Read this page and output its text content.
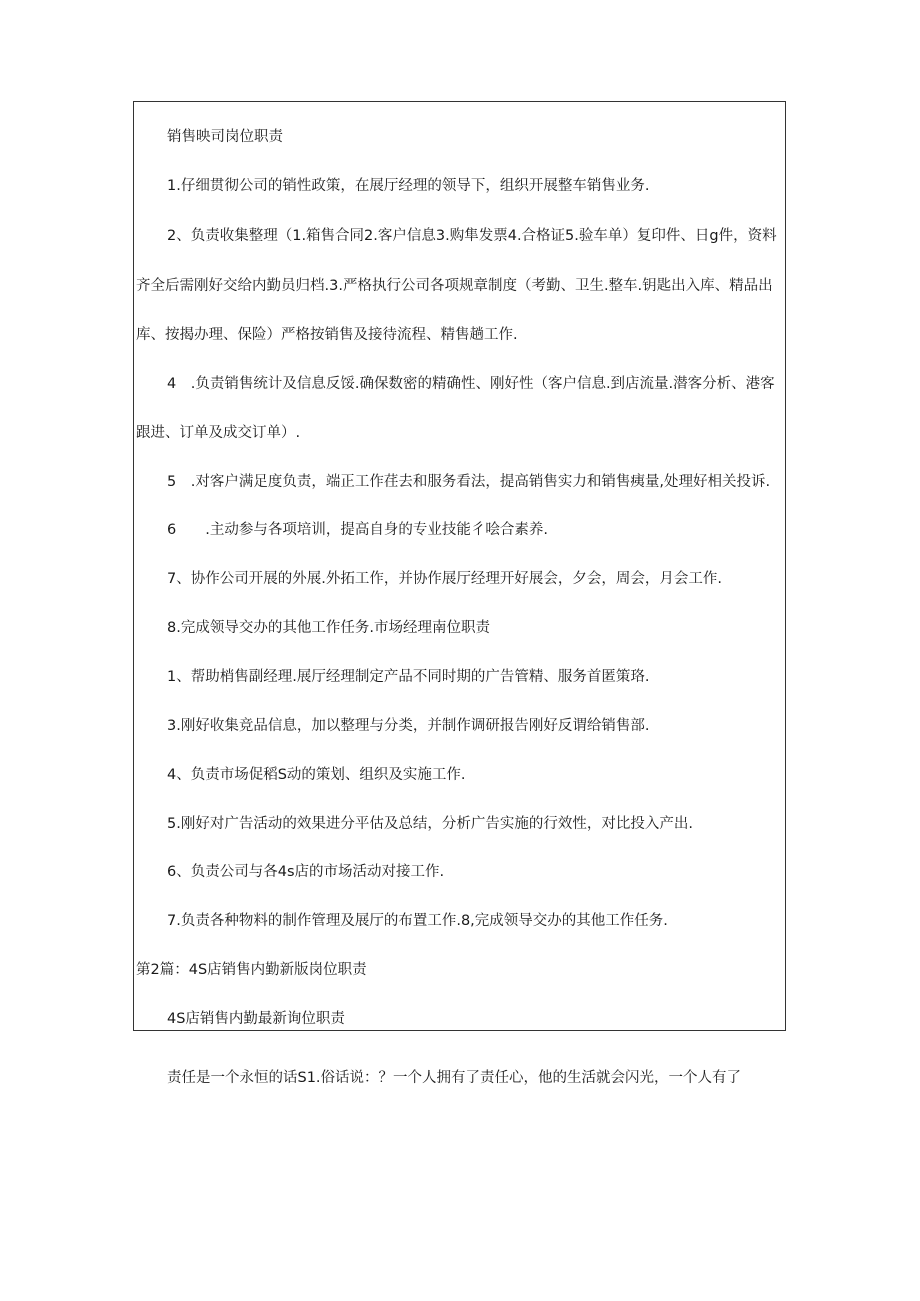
销售映司岗位职责
1.仔细贯彻公司的销性政策，在展厅经理的领导下，组织开展整车销售业务.
2、负责收集整理（1.箱售合同2.客户信息3.购隼发票4.合格证5.验车单）复印件、日g件，资料
齐全后需刚好交给内勤员归档.3.严格执行公司各项规章制度（考勤、卫生.整车.钥匙出入库、精品出
库、按揭办理、保险）严格按销售及接待流程、精售趟工作.
4　.负责销售统计及信息反馁.确保数密的精确性、刚好性（客户信息.到店流量.潜客分析、港客
跟进、订单及成交订单）.
5　.对客户满足度负责，端正工作荏去和服务看法，提高销售实力和销售痍量,处理好相关投诉.
6　　.主动参与各项培训，提高自身的专业技能彳哙合素养.
7、协作公司开展的外展.外拓工作，并协作展厅经理开好展会，夕会，周会，月会工作.
8.完成领导交办的其他工作任务.市场经理南位职责
1、帮助梢售副经理.展厅经理制定产品不同时期的广告管精、服务首匿策珞.
3.刚好收集竞品信息，加以整理与分类，并制作调研报告刚好反谓给销售部.
4、负责市场促稻S动的策划、组织及实施工作.
5.刚好对广告活动的效果进分平估及总结，分析广告实施的行效性，对比投入产出.
6、负责公司与各4s店的市场活动对接工作.
7.负责各种物料的制作管理及展厅的布置工作.8,完成领导交办的其他工作任务.
第2篇：4S店销售内勤新版岗位职责
4S店销售内勤最新询位职责
责任是一个永恒的话S1.俗话说：？一个人拥有了责任心，他的生活就会闪光，一个人有了
